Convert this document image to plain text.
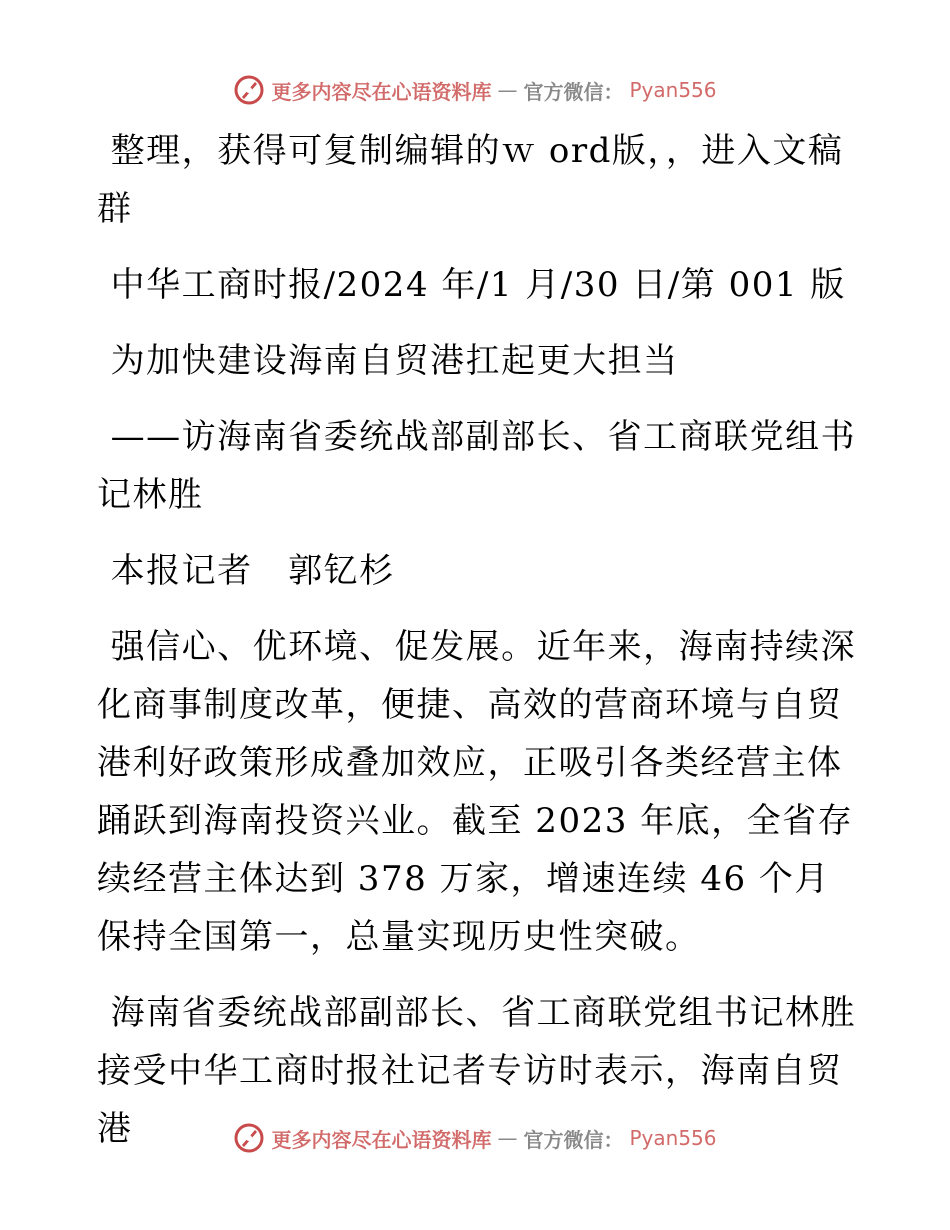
更多内容尽在心语资料库 — 官方微信： Pyan556

整理，获得可复制编辑的ｗ ord版，，进入文稿群

中华工商时报/2024 年/1 月/30 日/第 001 版

为加快建设海南自贸港扛起更大担当

——访海南省委统战部副部长、省工商联党组书记林胜

本报记者　郭钇杉

强信心、优环境、促发展。近年来，海南持续深化商事制度改革，便捷、高效的营商环境与自贸港利好政策形成叠加效应，正吸引各类经营主体踊跃到海南投资兴业。截至 2023 年底，全省存续经营主体达到 378 万家，增速连续 46 个月保持全国第一，总量实现历史性突破。

海南省委统战部副部长、省工商联党组书记林胜接受中华工商时报社记者专访时表示，海南自贸港	更多内容尽在心语资料库 — 官方微信： Pyan556
